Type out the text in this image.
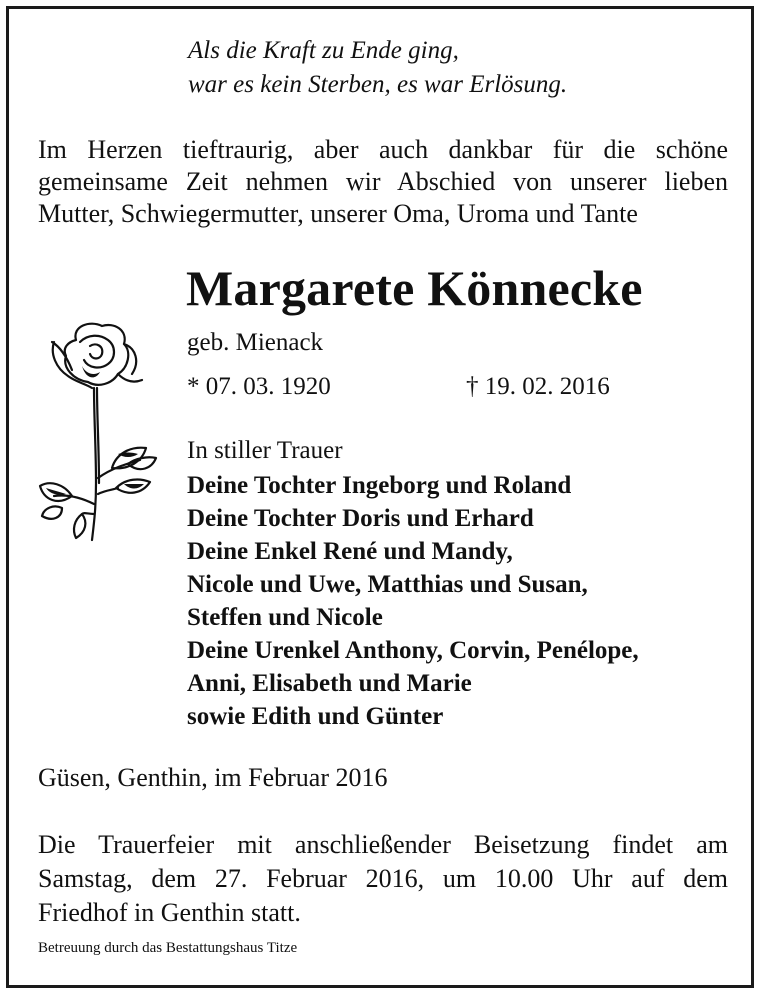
Als die Kraft zu Ende ging,
war es kein Sterben, es war Erlösung.
Im Herzen tieftraurig, aber auch dankbar für die schöne
gemeinsame Zeit nehmen wir Abschied von unserer lieben
Mutter, Schwiegermutter, unserer Oma, Uroma und Tante
Margarete Könnecke
geb. Mienack
* 07. 03. 1920	† 19. 02. 2016
In stiller Trauer
Deine Tochter Ingeborg und Roland
Deine Tochter Doris und Erhard
Deine Enkel René und Mandy,
Nicole und Uwe, Matthias und Susan,
Steffen und Nicole
Deine Urenkel Anthony, Corvin, Penélope,
Anni, Elisabeth und Marie
sowie Edith und Günter
Güsen, Genthin, im Februar 2016
Die Trauerfeier mit anschließender Beisetzung findet am
Samstag, dem 27. Februar 2016, um 10.00 Uhr auf dem
Friedhof in Genthin statt.
Betreuung durch das Bestattungshaus Titze
